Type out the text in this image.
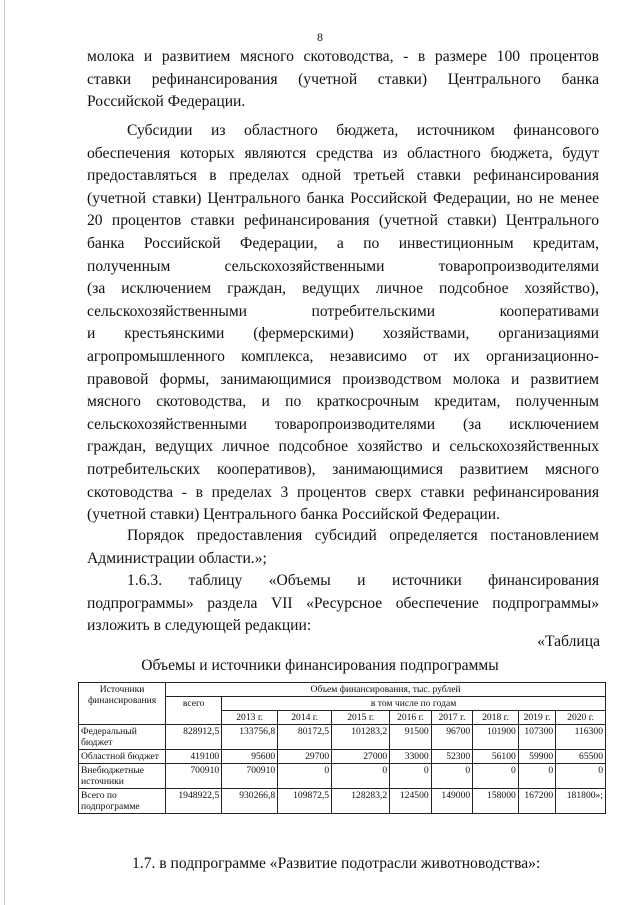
8
молока и развитием мясного скотоводства, - в размере 100 процентов
ставки рефинансирования (учетной ставки) Центрального банка
Российской Федерации.
Субсидии из областного бюджета, источником финансового
обеспечения которых являются средства из областного бюджета, будут
предоставляться в пределах одной третьей ставки рефинансирования
(учетной ставки) Центрального банка Российской Федерации, но не менее
20 процентов ставки рефинансирования (учетной ставки) Центрального
банка Российской Федерации, а по инвестиционным кредитам,
полученным сельскохозяйственными товаропроизводителями
(за исключением граждан, ведущих личное подсобное хозяйство),
сельскохозяйственными потребительскими кооперативами
и крестьянскими (фермерскими) хозяйствами, организациями
агропромышленного комплекса, независимо от их организационно-
правовой формы, занимающимися производством молока и развитием
мясного скотоводства, и по краткосрочным кредитам, полученным
сельскохозяйственными товаропроизводителями (за исключением
граждан, ведущих личное подсобное хозяйство и сельскохозяйственных
потребительских кооперативов), занимающимися развитием мясного
скотоводства - в пределах 3 процентов сверх ставки рефинансирования
(учетной ставки) Центрального банка Российской Федерации.
Порядок предоставления субсидий определяется постановлением
Администрации области.»;
1.6.3. таблицу «Объемы и источники финансирования
подпрограммы» раздела VII «Ресурсное обеспечение подпрограммы»
изложить в следующей редакции:
«Таблица
Объемы и источники финансирования подпрограммы
Источники финансирования	Объем финансирования, тыс. рублей								
	всего	в том числе по годам							
		2013 г.	2014 г.	2015 г.	2016 г.	2017 г.	2018 г.	2019 г.	2020 г.
Федеральный бюджет	828912,5	133756,8	80172,5	101283,2	91500	96700	101900	107300	116300
Областной бюджет	419100	95600	29700	27000	33000	52300	56100	59900	65500
Внебюджетные источники	700910	700910	0	0	0	0	0	0	0
Всего по подпрограмме	1948922,5	930266,8	109872,5	128283,2	124500	149000	158000	167200	181800»;
1.7. в подпрограмме «Развитие подотрасли животноводства»:
